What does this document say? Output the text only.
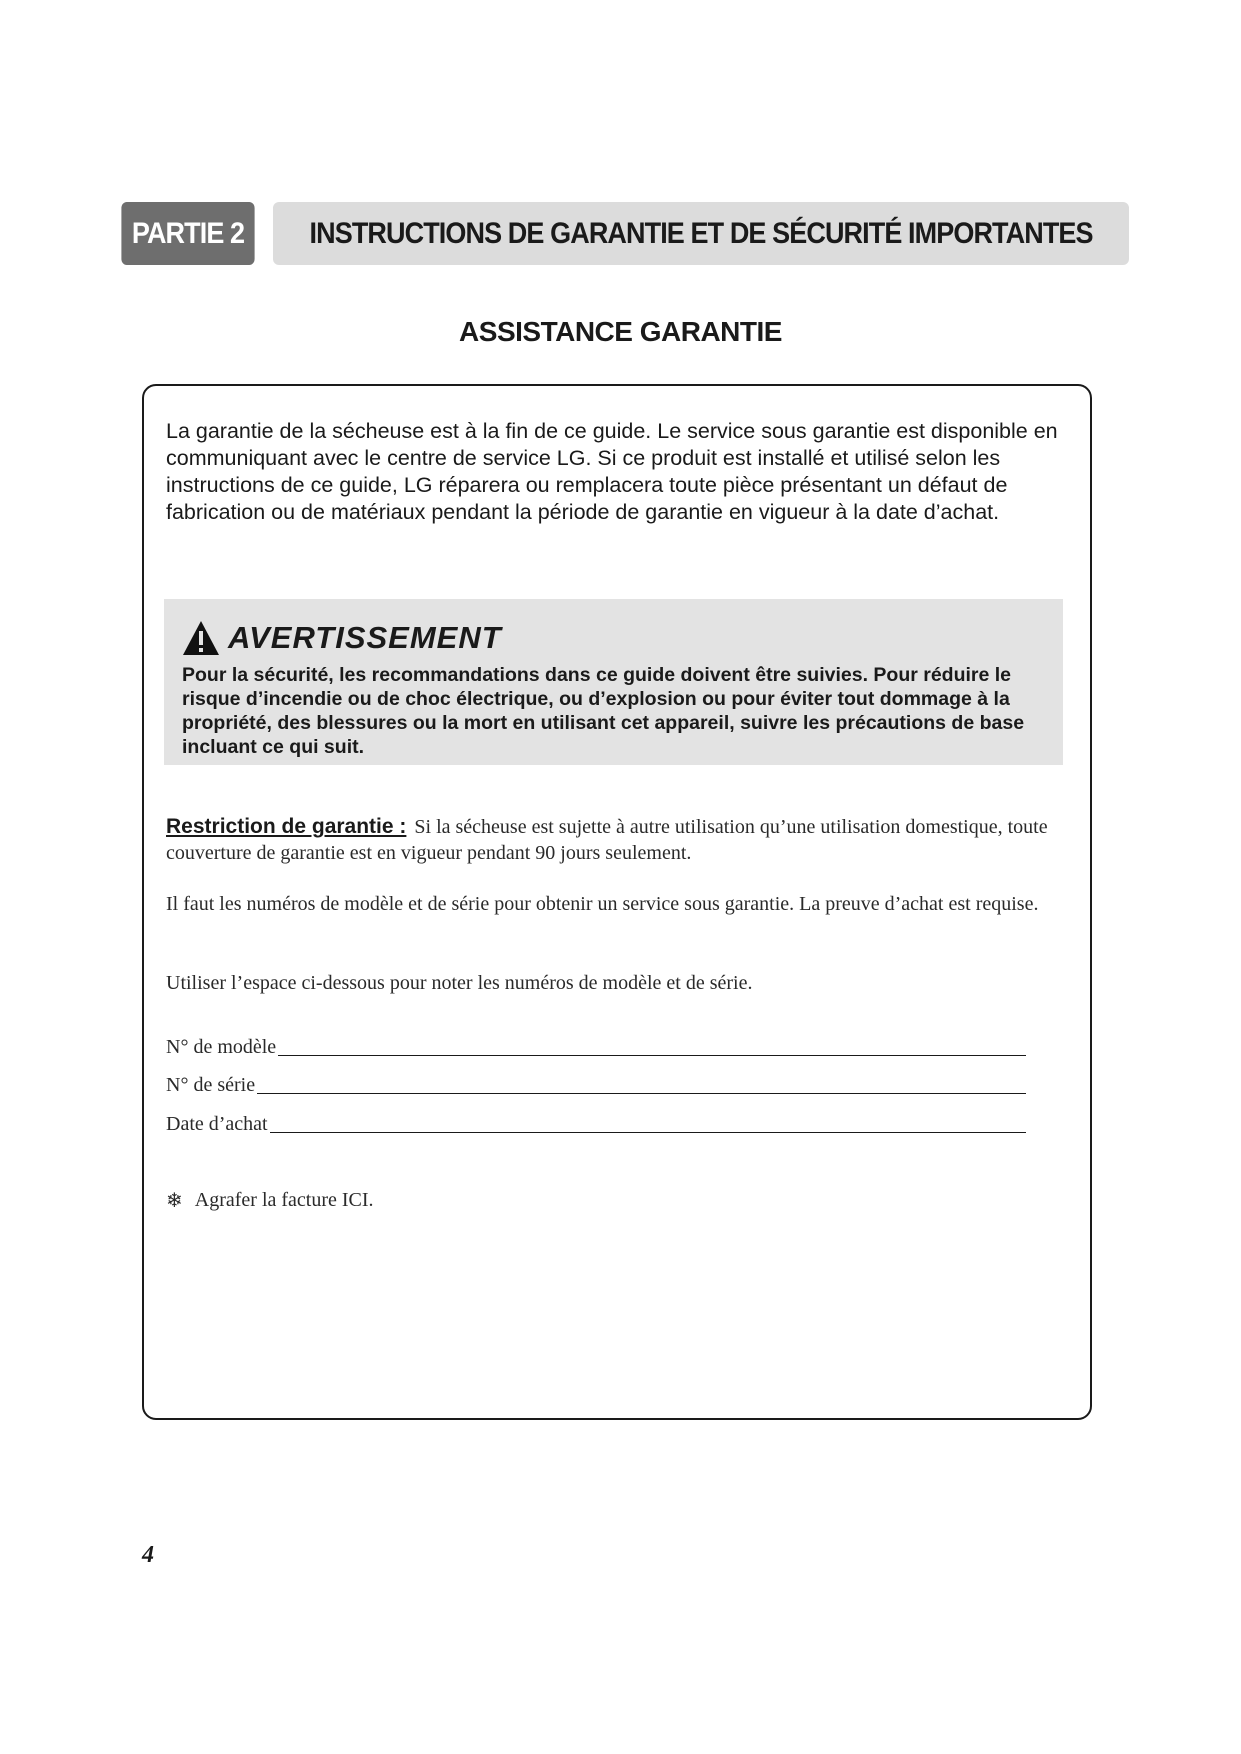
PARTIE 2 INSTRUCTIONS DE GARANTIE ET DE SÉCURITÉ IMPORTANTES
ASSISTANCE GARANTIE

La garantie de la sécheuse est à la fin de ce guide. Le service sous garantie est disponible en communiquant avec le centre de service LG. Si ce produit est installé et utilisé selon les instructions de ce guide, LG réparera ou remplacera toute pièce présentant un défaut de fabrication ou de matériaux pendant la période de garantie en vigueur à la date d’achat.

AVERTISSEMENT

Pour la sécurité, les recommandations dans ce guide doivent être suivies. Pour réduire le risque d’incendie ou de choc électrique, ou d’explosion ou pour éviter tout dommage à la propriété, des blessures ou la mort en utilisant cet appareil, suivre les précautions de base incluant ce qui suit.

Restriction de garantie : Si la sécheuse est sujette à autre utilisation qu’une utilisation domestique, toute couverture de garantie est en vigueur pendant 90 jours seulement.

Il faut les numéros de modèle et de série pour obtenir un service sous garantie. La preuve d’achat est requise.

Utiliser l’espace ci-dessous pour noter les numéros de modèle et de série.

N° de modèle
N° de série
Date d’achat
❄ Agrafer la facture ICI.
4
